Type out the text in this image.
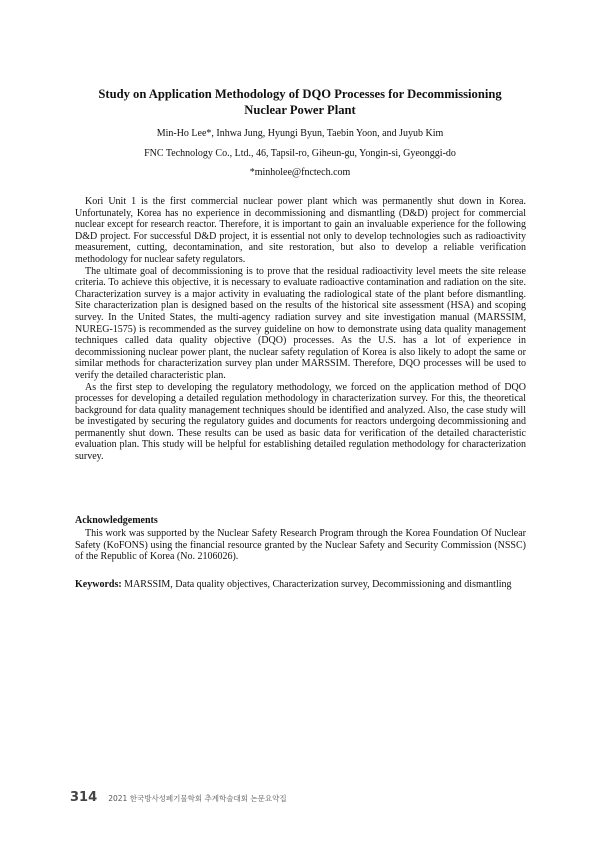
Study on Application Methodology of DQO Processes for Decommissioning
Nuclear Power Plant
Min-Ho Lee*, Inhwa Jung, Hyungi Byun, Taebin Yoon, and Juyub Kim
FNC Technology Co., Ltd., 46, Tapsil-ro, Giheun-gu, Yongin-si, Gyeonggi-do
*minholee@fnctech.com

Kori Unit 1 is the first commercial nuclear power plant which was permanently shut down in Korea. Unfortunately, Korea has no experience in decommissioning and dismantling (D&D) project for commercial nuclear except for research reactor. Therefore, it is important to gain an invaluable experience for the following D&D project. For successful D&D project, it is essential not only to develop technologies such as radioactivity measurement, cutting, decontamination, and site restoration, but also to develop a reliable verification methodology for nuclear safety regulators.

The ultimate goal of decommissioning is to prove that the residual radioactivity level meets the site release criteria. To achieve this objective, it is necessary to evaluate radioactive contamination and radiation on the site. Characterization survey is a major activity in evaluating the radiological state of the plant before dismantling. Site characterization plan is designed based on the results of the historical site assessment (HSA) and scoping survey. In the United States, the multi-agency radiation survey and site investigation manual (MARSSIM, NUREG-1575) is recommended as the survey guideline on how to demonstrate using data quality management techniques called data quality objective (DQO) processes. As the U.S. has a lot of experience in decommissioning nuclear power plant, the nuclear safety regulation of Korea is also likely to adopt the same or similar methods for characterization survey plan under MARSSIM. Therefore, DQO processes will be used to verify the detailed characteristic plan.

As the first step to developing the regulatory methodology, we forced on the application method of DQO processes for developing a detailed regulation methodology in characterization survey. For this, the theoretical background for data quality management techniques should be identified and analyzed. Also, the case study will be investigated by securing the regulatory guides and documents for reactors undergoing decommissioning and permanently shut down. These results can be used as basic data for verification of the detailed characteristic evaluation plan. This study will be helpful for establishing detailed regulation methodology for characterization survey.

Acknowledgements
This work was supported by the Nuclear Safety Research Program through the Korea Foundation Of Nuclear Safety (KoFONS) using the financial resource granted by the Nuclear Safety and Security Commission (NSSC) of the Republic of Korea (No. 2106026).
Keywords: MARSSIM, Data quality objectives, Characterization survey, Decommissioning and dismantling
314 2021 한국방사성폐기물학회 추계학술대회 논문요약집
